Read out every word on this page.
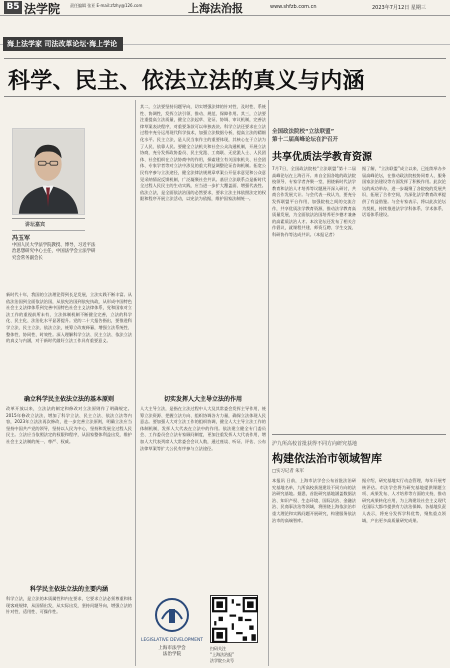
B5 法学院 责任编辑 张亚 E-mail:zfzhy@126.com	上海法治报	www.shfzb.com.cn	2023年7月12日 星期三
海上法学家 司法改革论坛·海上学论
科学、民主、依法立法的真义与内涵
讲坛嘉宾
冯玉军
中国人民大学法学院教授、博导，习近平法治思想研究中心主任，中国法学会立法学研究会常务副会长
新时代十年，我国的立法理论得到长足发展，立法实践不断丰富。从依法治国到全面依法治国，从依宪治国到依宪执政，从形成中国特色社会主义法律体系到完善中国特色社会主义法律体系，党和国家对立法工作的重视前所未有，立法体制机制不断健全完善，立法的科学化、民主化、法治化水平显著提升。党的二十大报告指出，要推进科学立法、民主立法、依法立法，统筹立改废释纂，增强立法系统性、整体性、协同性、时效性。深入理解科学立法、民主立法、依法立法的真义与内涵，对于新时代做好立法工作具有重要意义。
确立科学民主依法立法的基本原则
改革开放以来，立法法的制定和修改对立法原则作了明确规定。2015年修改立法法，增加了科学立法、民主立法、依法立法等内容，2023年立法法再次修改，进一步完善立法原则，明确立法应当坚持中国共产党的领导，坚持以人民为中心，坚持和发展全过程人民民主。立法应当依照法定的权限和程序，从国家整体利益出发，维护社会主义法制的统一、尊严、权威。
科学民主依法立法的主要内涵
科学立法，是立法的本质属性和内在要求，它要求立法必须尊重和体现客观规律，从国情出发，从实际出发，坚持问题导向，增强立法的针对性、适用性、可操作性。
其二，立法要坚持问题导向，切实增强法律的针对性、及时性、系统性、协调性，发挥立法引领、推动、规范、保障作用。其三，立法要注重提高立法质量，健全立法起草、论证、协调、审议机制，完善法律草案表决程序，对重要条款可以单独表决。科学立法还要求在立法过程中充分运用现代科学技术，加强立法数据分析，提高立法的精细化水平。民主立法，是人民当家作主的重要体现，其核心在于立法为了人民、依靠人民。要健全立法机关和社会公众沟通机制，开展立法协商，充分发挥政协委员、民主党派、工商联、无党派人士、人民团体、社会组织在立法协商中的作用，探索建立有关国家机关、社会团体、专家学者等对立法中涉及的重大利益调整论证咨询机制。拓宽公民有序参与立法途径，健全法律法规规章草案公开征求意见和公众意见采纳情况反馈机制，广泛凝聚社会共识。基层立法联系点是新时代全过程人民民主的生动实践，应当进一步扩大覆盖面、增强代表性。依法立法，是全面依法治国的必然要求，要求立法主体依照法定的权限和程序开展立法活动，以宪法为依据，维护国家法制统一。
切实发挥人大主导立法的作用
人大主导立法，是指在立法过程中人大及其常委会发挥主导作用，统筹立法资源、把握立法方向、组织协调各方力量，确保立法体现人民意志。要加强人大对立法工作的组织协调，健全人大主导立法工作的体制机制，发挥人大代表在立法中的作用。依法建立健全专门委员会、工作委员会立法专家顾问制度，更加注重发挥人大代表作用，增加人大代表列席人大常委会会议人数，通过座谈、听证、评估、公布法律草案等扩大公民有序参与立法途径。
LEGISLATIVE DEVELOPMENT
上海市法学会
法治学院
扫码关注
“上海法治报”
法学院公众号
全国政法院校“立法联盟”
第十二届高峰论坛在沪召开
共享优质法学教育资源
7月7日，全国政法院校“立法联盟”第十二届高峰论坛在上海召开。来自全国各地的政法院校领导、专家学者齐聚一堂，围绕新时代法学教育和法治人才培养等议题展开深入研讨，共商合作发展大计。与会代表一致认为，要充分发挥联盟平台作用，加强院校之间的交流合作，共享优质法学教育资源，推动法学教育高质量发展，为全面依法治国培养更多德才兼备的高素质法治人才。本次论坛还发布了相关合作倡议，就课程共建、师资互聘、学生交流、科研协作等达成共识。（本报记者）
据了解，“立法联盟”成立以来，已连续举办多届高峰论坛，在推动政法院校协同育人、服务国家法治建设等方面发挥了积极作用。此次论坛的成功举办，进一步凝聚了各院校的发展共识，拓展了合作空间，为深化法学教育改革提供了有益借鉴。与会专家表示，将以此次论坛为契机，持续推进法学学科体系、学术体系、话语体系建设。
沪九所高校首批获得不同方向研究基地
构建依法治市领域智库
□实习记者 朱军
本报讯 日前，上海市法学会公布首批法治研究基地名单，九所高校获批建设不同方向的法治研究基地。据悉，首批研究基地涵盖数据法治、知识产权、生态环境、国际法治、金融法治、民商事法治等领域，将围绕上海依法治市重大理论和实践问题开展研究，构建服务依法治市的高端智库。
据介绍，研究基地实行动态管理，每年开展考核评估。市法学会将为研究基地提供课题立项、成果发布、人才培养等方面的支持，推动研究成果转化应用，为上海建设社会主义现代化国际大都市提供有力法治保障。各基地负责人表示，将充分发挥学科优势，聚焦重点领域，产出更多高质量研究成果。
